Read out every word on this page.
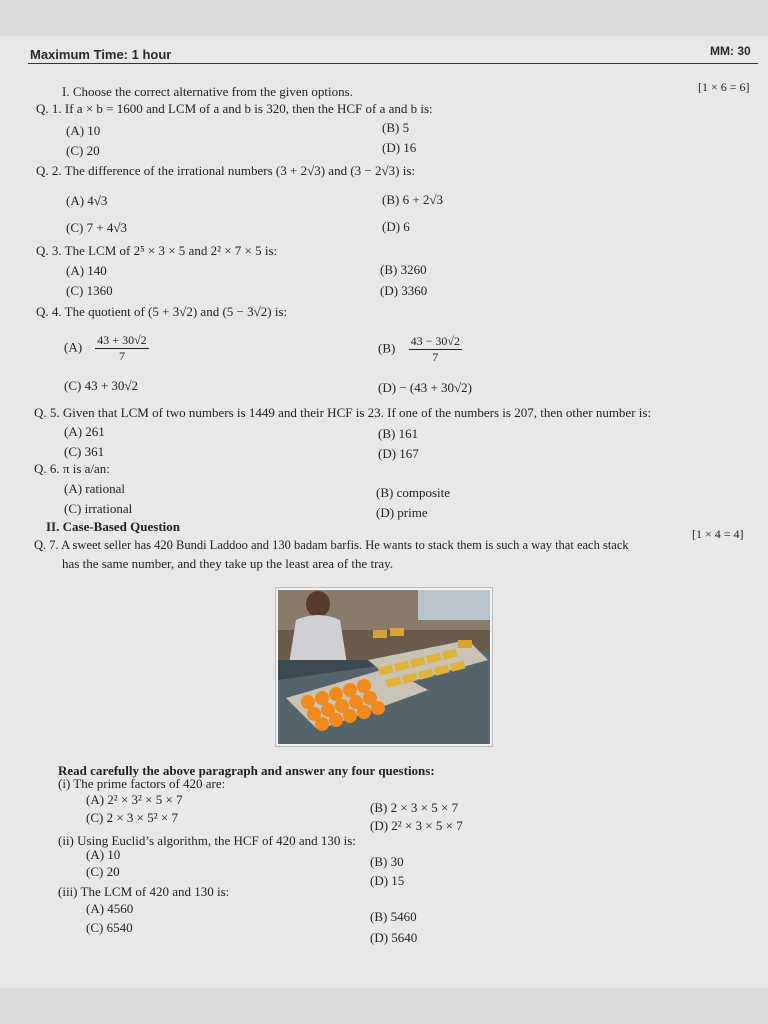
Maximum Time: 1 hour	MM: 30
I. Choose the correct alternative from the given options.	[1 × 6 = 6]
Q. 1. If a × b = 1600 and LCM of a and b is 320, then the HCF of a and b is:
(A) 10	(B) 5
(C) 20	(D) 16
Q. 2. The difference of the irrational numbers (3 + 2√3) and (3 − 2√3) is:
(A) 4√3	(B) 6 + 2√3
(C) 7 + 4√3	(D) 6
Q. 3. The LCM of 2⁵ × 3 × 5 and 2² × 7 × 5 is:
(A) 140	(B) 3260
(C) 1360	(D) 3360
Q. 4. The quotient of (5 + 3√2) and (5 − 3√2) is:
$(A) \frac{43 + 30√2}{7}$	$(B) \frac{43 - 30√2}{7}$
(C) 43 + 30√2	(D) − (43 + 30√2)
Q. 5. Given that LCM of two numbers is 1449 and their HCF is 23. If one of the numbers is 207, then other number is:
(A) 261	(B) 161
(C) 361	(D) 167
Q. 6. π is a/an:
(A) rational	(B) composite
(C) irrational	(D) prime
II. Case-Based Question	[1 × 4 = 4]
Q. 7. A sweet seller has 420 Bundi Laddoo and 130 badam barfis. He wants to stack them is such a way that each stack
has the same number, and they take up the least area of the tray.
Read carefully the above paragraph and answer any four questions:
(i) The prime factors of 420 are:
(A) 2² × 3² × 5 × 7
(B) 2 × 3 × 5 × 7
(C) 2 × 3 × 5² × 7
(D) 2² × 3 × 5 × 7
(ii) Using Euclid’s algorithm, the HCF of 420 and 130 is:
(A) 10	(B) 30
(C) 20
(D) 15
(iii) The LCM of 420 and 130 is:
(A) 4560
(B) 5460
(C) 6540
(D) 5640
